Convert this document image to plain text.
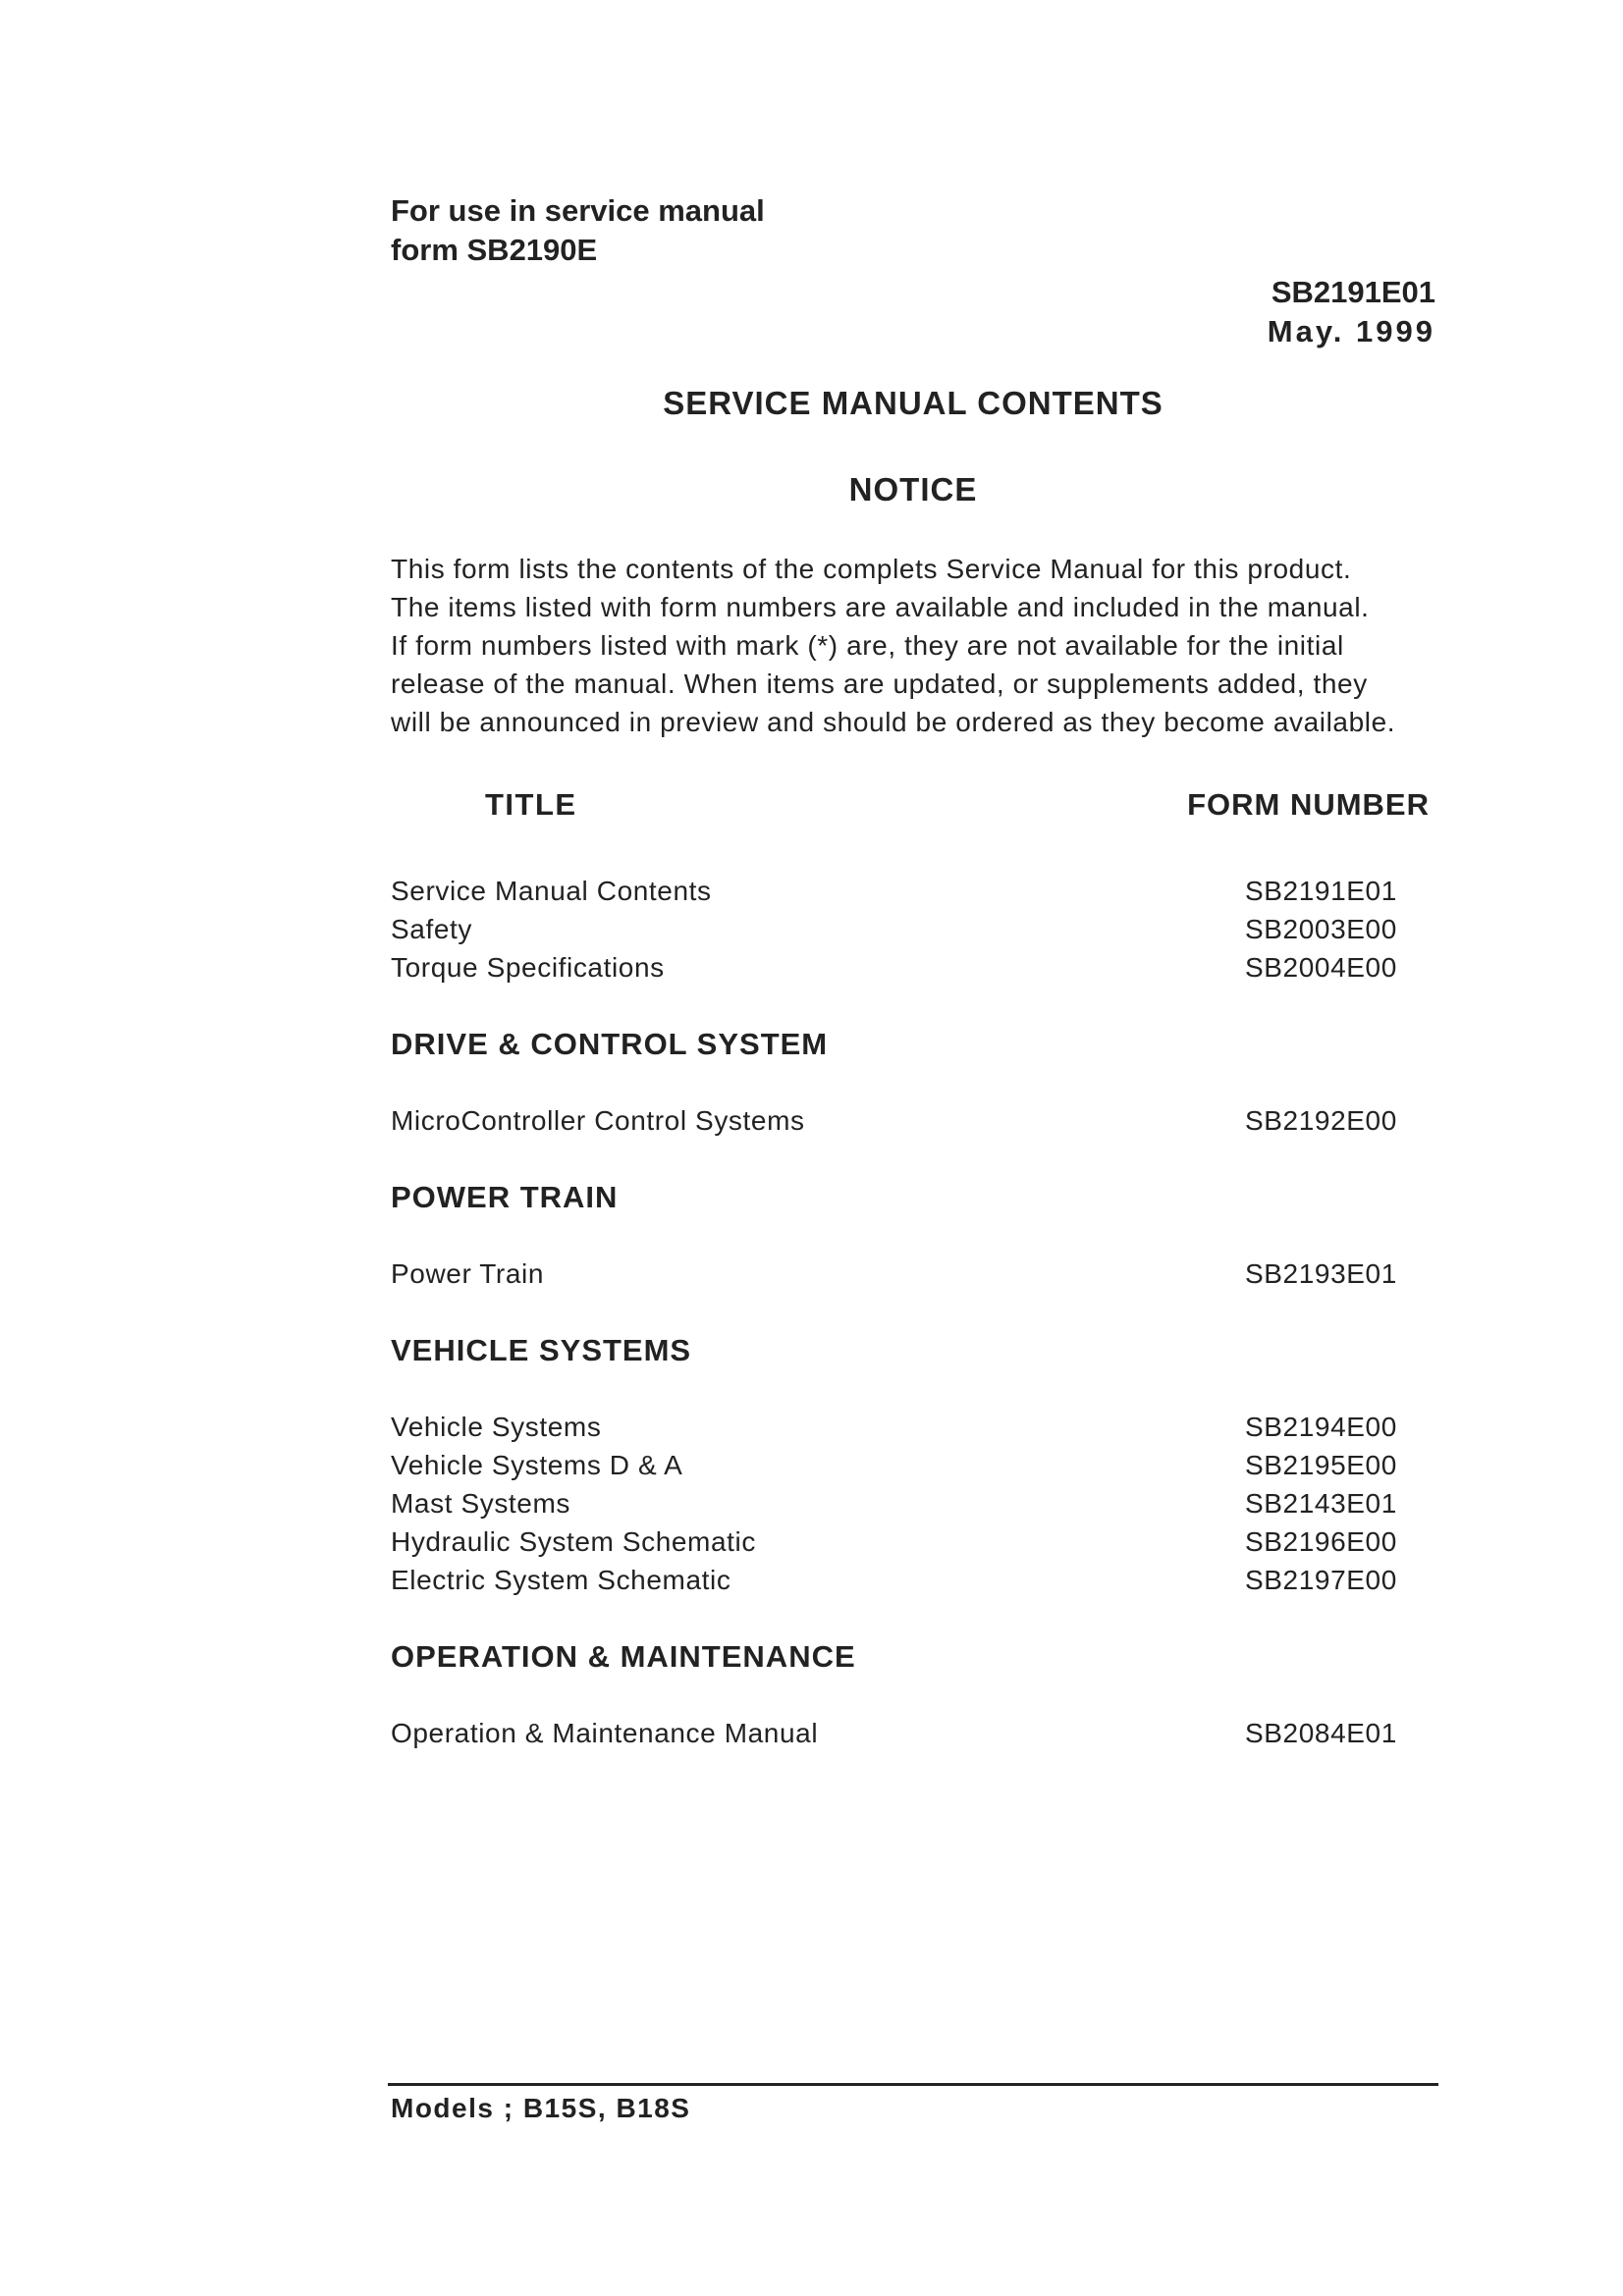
For use in service manual
form SB2190E
SB2191E01
May. 1999
SERVICE MANUAL CONTENTS
NOTICE
This form lists the contents of the complets Service Manual for this product.
The items listed with form numbers are available and included in the manual.
If form numbers listed with mark (*) are, they are not available for the initial
release of the manual. When items are updated, or supplements added, they
will be announced in preview and should be ordered as they become available.
TITLE	FORM NUMBER
Service Manual Contents	SB2191E01
Safety	SB2003E00
Torque Specifications	SB2004E00
DRIVE & CONTROL SYSTEM
MicroController Control Systems	SB2192E00
POWER TRAIN
Power Train	SB2193E01
VEHICLE SYSTEMS
Vehicle Systems	SB2194E00
Vehicle Systems D & A	SB2195E00
Mast Systems	SB2143E01
Hydraulic System Schematic	SB2196E00
Electric System Schematic	SB2197E00
OPERATION & MAINTENANCE
Operation & Maintenance Manual	SB2084E01
Models ; B15S, B18S
